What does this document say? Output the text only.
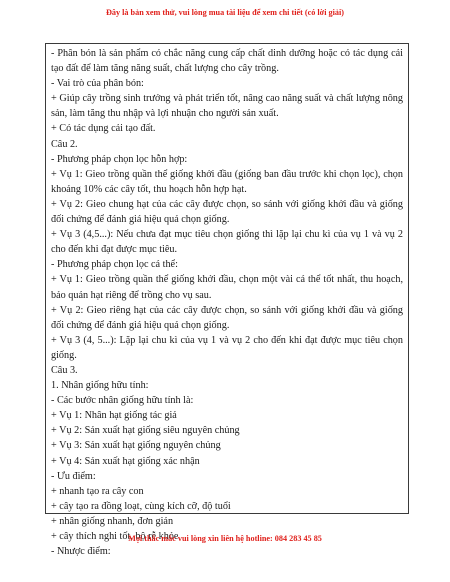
Đây là bản xem thử, vui lòng mua tài liệu để xem chi tiết (có lời giải)

- Phân bón là sản phẩm có chắc năng cung cấp chất dinh dưỡng hoặc có tác dụng cải tạo đất để làm tăng năng suất, chất lượng cho cây trồng.

- Vai trò của phân bón:

+ Giúp cây trồng sinh trưởng và phát triển tốt, nâng cao năng suất và chất lượng nông sản, làm tăng thu nhập và lợi nhuận cho người sản xuất.

+ Có tác dụng cải tạo đất.

Câu 2.

- Phương pháp chọn lọc hỗn hợp:

+ Vụ 1: Gieo trồng quần thể giống khởi đầu (giống ban đầu trước khi chọn lọc), chọn khoảng 10% các cây tốt, thu hoạch hỗn hợp hạt.

+ Vụ 2: Gieo chung hạt của các cây được chọn, so sánh với giống khởi đầu và giống đối chứng để đánh giá hiệu quả chọn giống.

+ Vụ 3 (4,5...): Nếu chưa đạt mục tiêu chọn giống thì lặp lại chu kì của vụ 1 và vụ 2 cho đến khi đạt được mục tiêu.

- Phương pháp chọn lọc cá thể:

+ Vụ 1: Gieo trồng quần thể giống khởi đầu, chọn một vài cá thể tốt nhất, thu hoạch, bảo quản hạt riêng để trồng cho vụ sau.

+ Vụ 2: Gieo riêng hạt của các cây được chọn, so sánh với giống khởi đầu và giống đối chứng để đánh giá hiệu quả chọn giống.

+ Vụ 3 (4, 5...): Lặp lại chu kì của vụ 1 và vụ 2 cho đến khi đạt được mục tiêu chọn giống.

Câu 3.

1. Nhân giống hữu tính:

- Các bước nhân giống hữu tính là:

+ Vụ 1: Nhân hạt giống tác giả

+ Vụ 2: Sản xuất hạt giống siêu nguyên chủng

+ Vụ 3: Sản xuất hạt giống nguyên chủng

+ Vụ 4: Sản xuất hạt giống xác nhận

- Ưu điểm:

+ nhanh tạo ra cây con

+ cây tạo ra đồng loạt, cùng kích cỡ, độ tuổi

+ nhân giống nhanh, đơn giản

+ cây thích nghi tốt, bộ rễ khỏe

- Nhược điểm:

Mọi thắc mắc vui lòng xin liên hệ hotline: 084 283 45 85
